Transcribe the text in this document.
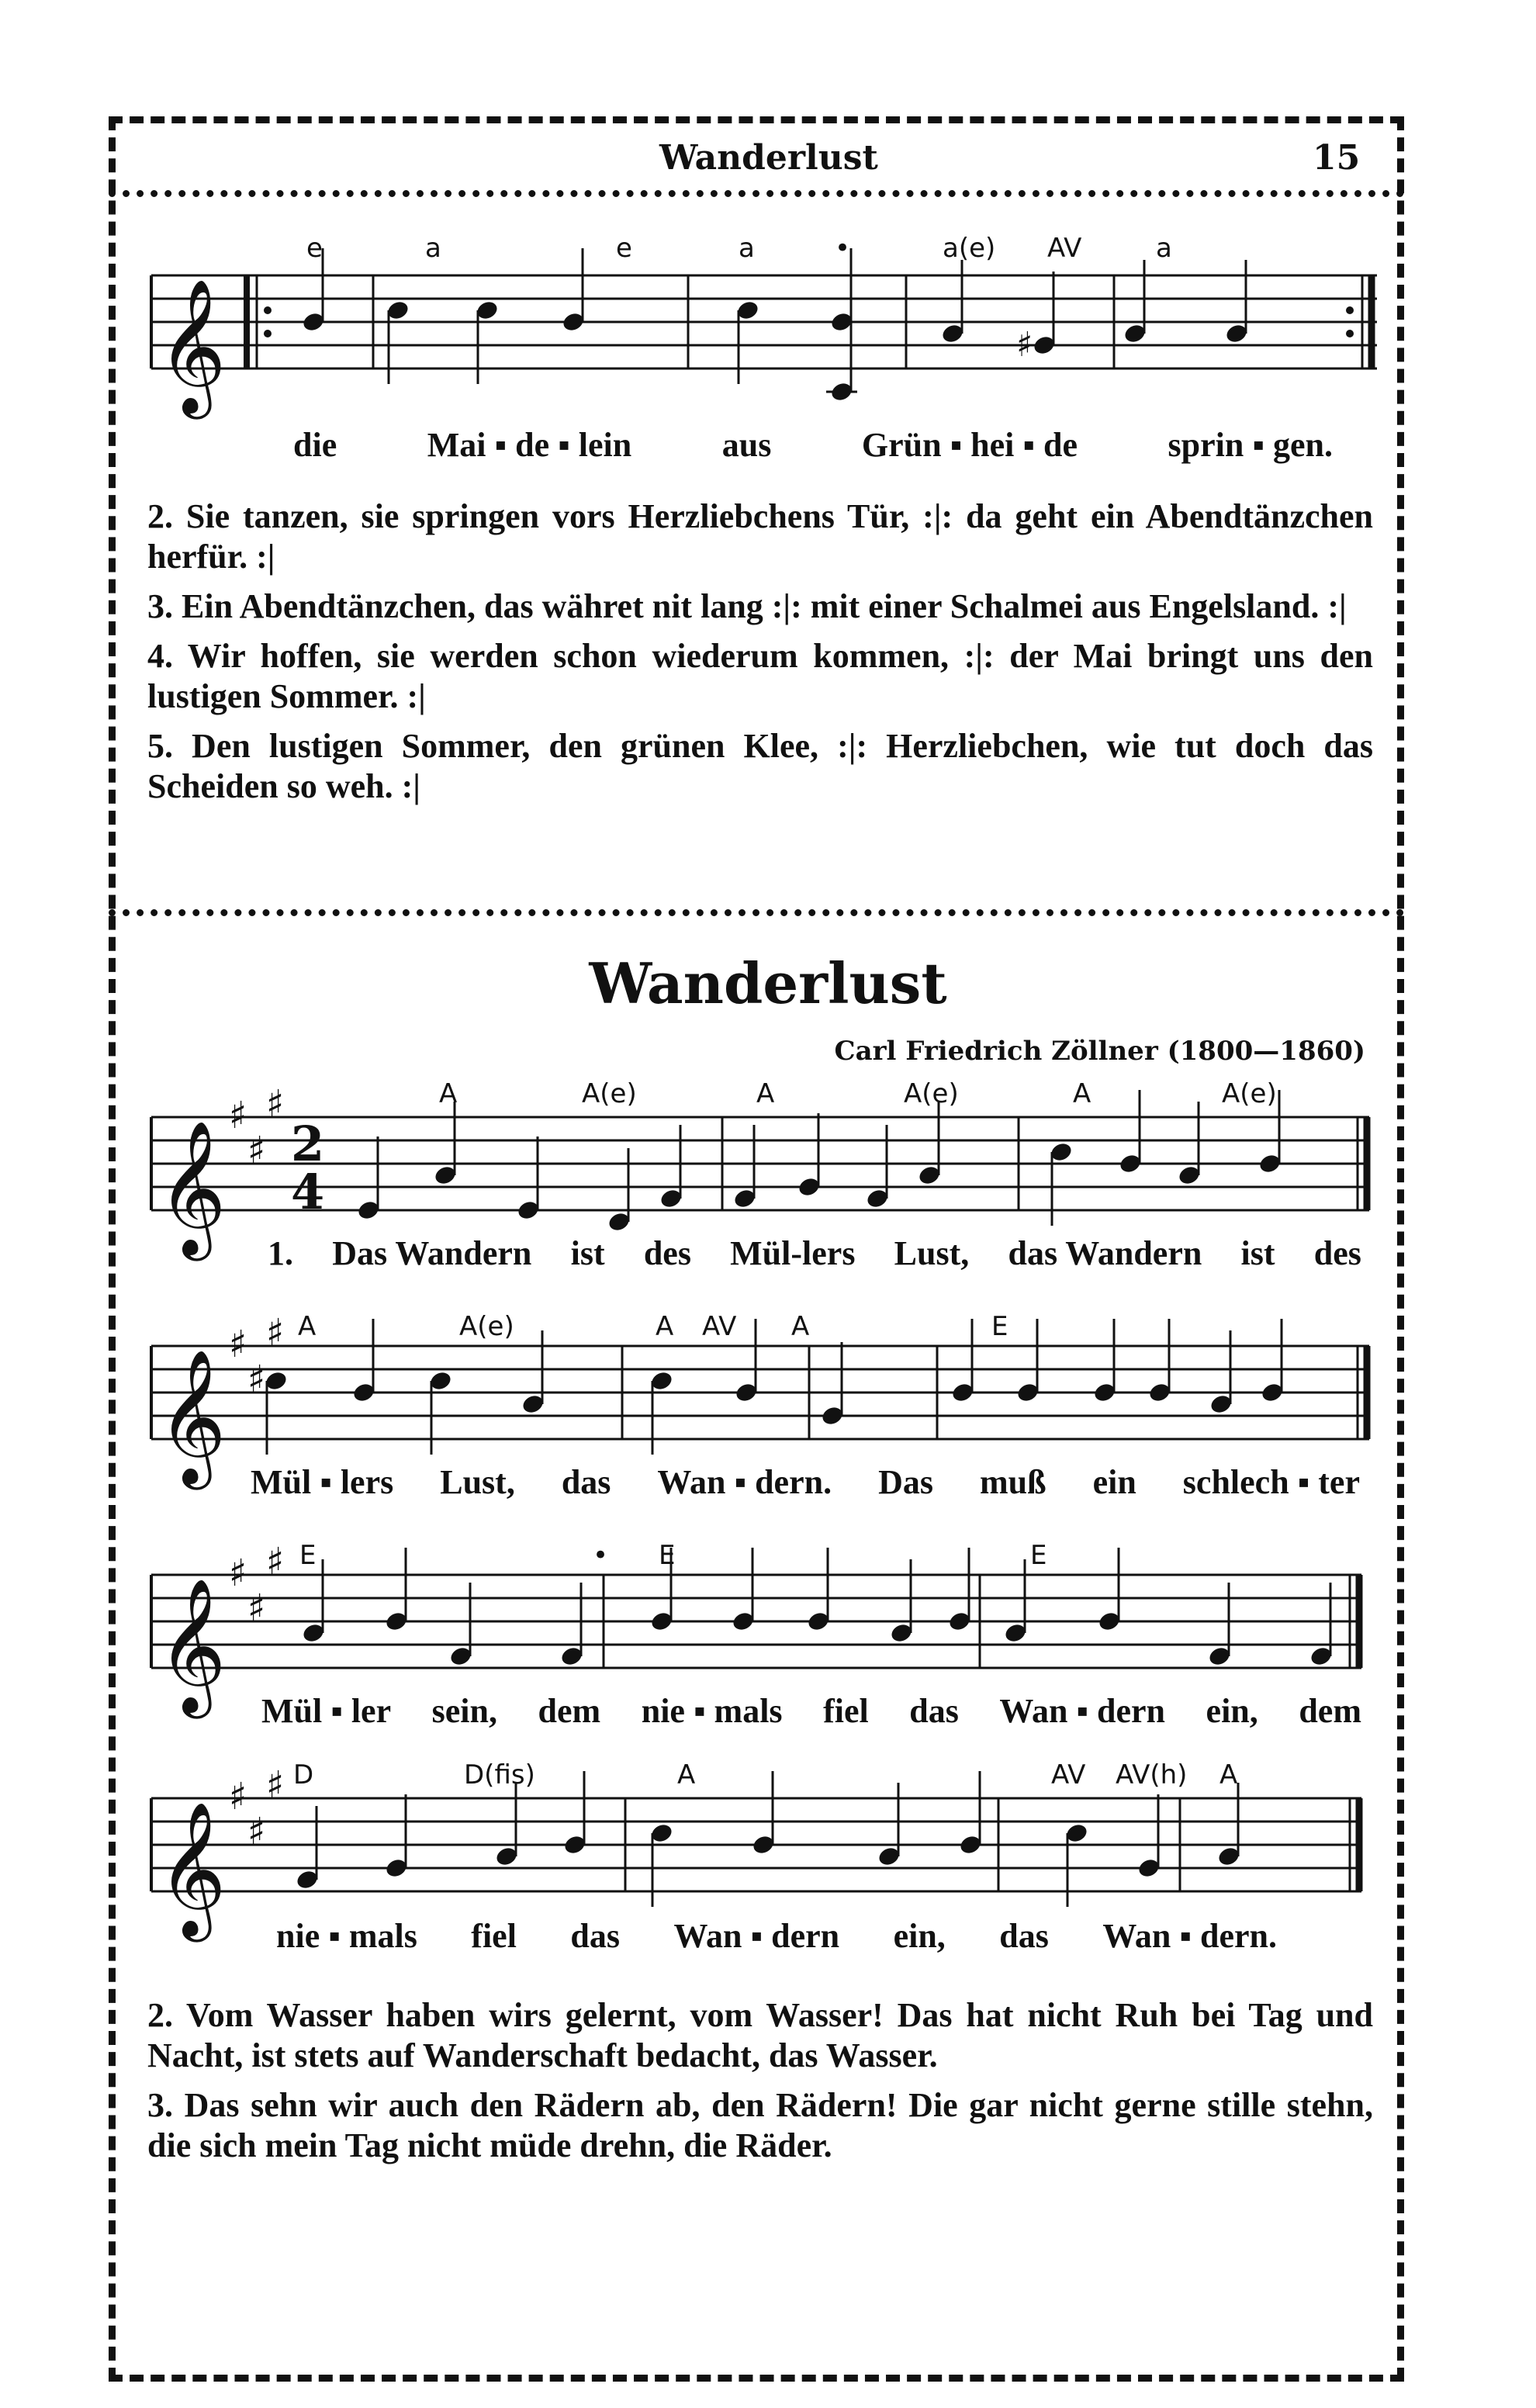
Wanderlust	15
𝄞	♯
𝄞
♯
♯
♯
2
4
𝄞
♯
♯
♯
𝄞
♯
♯
♯
𝄞
♯
♯
♯
e	a	e	a	•	a(e) AV	a
die	Mai ▪ de ▪ lein	aus	Grün ▪ hei ▪ de	sprin ▪ gen.

2. Sie tanzen, sie springen vors Herzliebchens Tür, :|: da geht ein Abendtänzchen herfür. :|

3. Ein Abendtänzchen, das währet nit lang :|: mit einer Schalmei aus Engelsland. :|

4. Wir hoffen, sie werden schon wiederum kommen, :|: der Mai bringt uns den lustigen Sommer. :|

5. Den lustigen Sommer, den grünen Klee, :|: Herzliebchen, wie tut doch das Scheiden so weh. :|

Wanderlust
Carl Friedrich Zöllner (1800—1860)
A	A(e)	A	A(e)	A	A(e)
1. Das Wandern ist des Mül-lers Lust, das Wandern ist des
A	A(e)	A AV A	E
Mül ▪ lers Lust, das Wan ▪ dern. Das muß ein schlech ▪ ter
E	• E	E
Mül ▪ ler sein, dem nie ▪ mals fiel das Wan ▪ dern ein, dem
D	D(fis)	A	AV AV(h) A
nie ▪ mals fiel das Wan ▪ dern ein, das Wan ▪ dern.

2. Vom Wasser haben wirs gelernt, vom Wasser! Das hat nicht Ruh bei Tag und Nacht, ist stets auf Wanderschaft bedacht, das Wasser.

3. Das sehn wir auch den Rädern ab, den Rädern! Die gar nicht gerne stille stehn, die sich mein Tag nicht müde drehn, die Räder.
